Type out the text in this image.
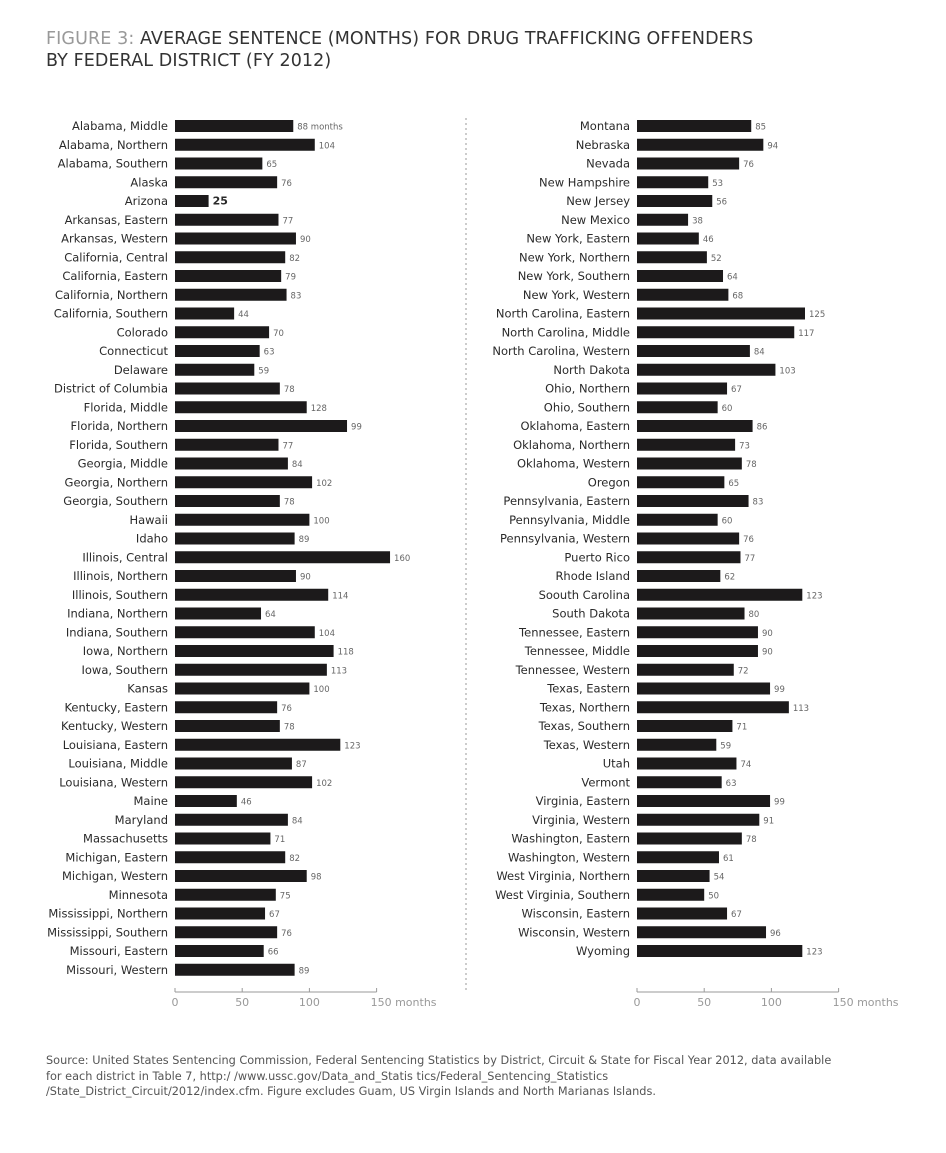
FIGURE 3: AVERAGE SENTENCE (MONTHS) FOR DRUG TRAFFICKING OFFENDERS
BY FEDERAL DISTRICT (FY 2012)
Alabama, Middle	88 months
Alabama, Northern	104
Alabama, Southern	65
Alaska	76
Arizona	25
Arkansas, Eastern	77
Arkansas, Western	90
California, Central	82
California, Eastern	79
California, Northern	83
California, Southern	44
Colorado	70
Connecticut	63
Delaware	59
District of Columbia	78
Florida, Middle	128
Florida, Northern	99
Florida, Southern	77
Georgia, Middle	84
Georgia, Northern	102
Georgia, Southern	78
Hawaii	100
Idaho	89
Illinois, Central	160
Illinois, Northern	90
Illinois, Southern	114
Indiana, Northern	64
Indiana, Southern	104
Iowa, Northern	118
Iowa, Southern	113
Kansas	100
Kentucky, Eastern	76
Kentucky, Western	78
Louisiana, Eastern	123
Louisiana, Middle	87
Louisiana, Western	102
Maine	46
Maryland	84
Massachusetts	71
Michigan, Eastern	82
Michigan, Western	98
Minnesota	75
Mississippi, Northern	67
Mississippi, Southern	76
Missouri, Eastern	66
Missouri, Western	89
0	50	100	150 months
Montana	85
Nebraska	94
Nevada	76
New Hampshire	53
New Jersey	56
New Mexico	38
New York, Eastern	46
New York, Northern	52
New York, Southern	64
New York, Western	68
North Carolina, Eastern	125
North Carolina, Middle	117
North Carolina, Western	84
North Dakota	103
Ohio, Northern	67
Ohio, Southern	60
Oklahoma, Eastern	86
Oklahoma, Northern	73
Oklahoma, Western	78
Oregon	65
Pennsylvania, Eastern	83
Pennsylvania, Middle	60
Pennsylvania, Western	76
Puerto Rico	77
Rhode Island	62
Soouth Carolina	123
South Dakota	80
Tennessee, Eastern	90
Tennessee, Middle	90
Tennessee, Western	72
Texas, Eastern	99
Texas, Northern	113
Texas, Southern	71
Texas, Western	59
Utah	74
Vermont	63
Virginia, Eastern	99
Virginia, Western	91
Washington, Eastern	78
Washington, Western	61
West Virginia, Northern	54
West Virginia, Southern	50
Wisconsin, Eastern	67
Wisconsin, Western	96
Wyoming	123
0	50	100	150 months
Source: United States Sentencing Commission, Federal Sentencing Statistics by District, Circuit & State for Fiscal Year 2012, data available
for each district in Table 7, http:/ /www.ussc.gov/Data_and_Statis tics/Federal_Sentencing_Statistics
/State_District_Circuit/2012/index.cfm. Figure excludes Guam, US Virgin Islands and North Marianas Islands.
